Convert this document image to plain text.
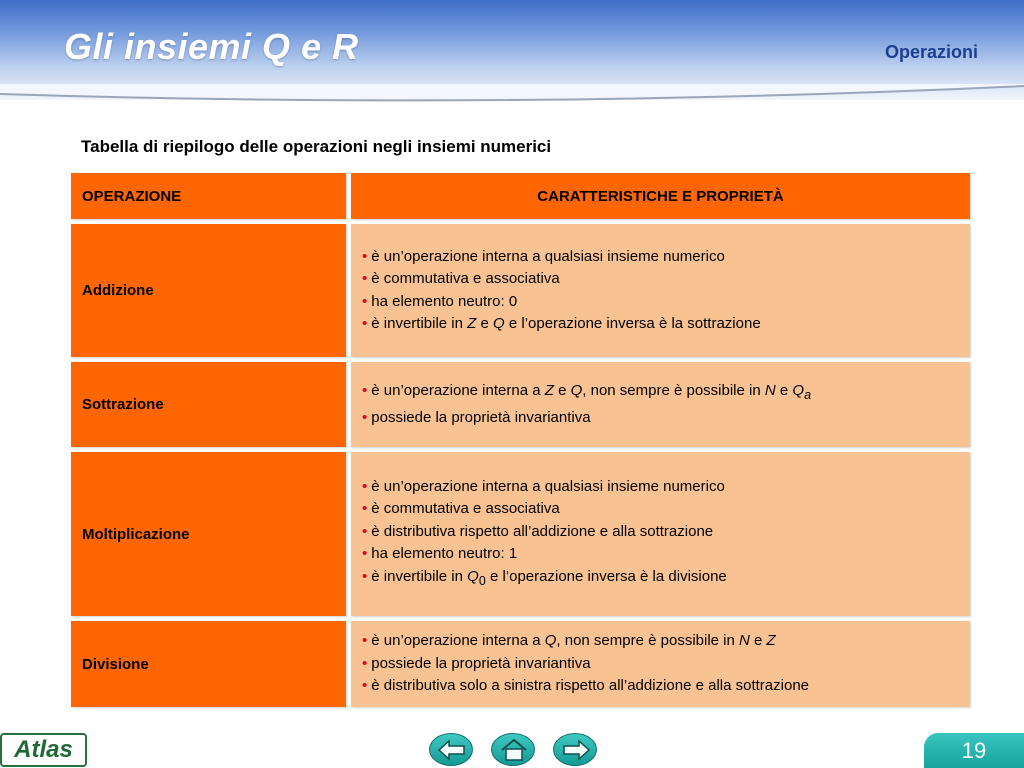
Gli insiemi Q e R	Operazioni
Tabella di riepilogo delle operazioni negli insiemi numerici
OPERAZIONE	CARATTERISTICHE E PROPRIETÀ
Addizione	• è un’operazione interna a qualsiasi insieme numerico
• è commutativa e associativa
• ha elemento neutro: 0
• è invertibile in Z e Q e l’operazione inversa è la sottrazione

Sottrazione	• è un’operazione interna a Z e Q, non sempre è possibile in N e $Q_a$
• possiede la proprietà invariantiva

Moltiplicazione	• è un’operazione interna a qualsiasi insieme numerico
• è commutativa e associativa
• è distributiva rispetto all’addizione e alla sottrazione
• ha elemento neutro: 1
• è invertibile in $Q_0$ e l’operazione inversa è la divisione

Divisione	• è un’operazione interna a Q, non sempre è possibile in N e Z
• possiede la proprietà invariantiva
• è distributiva solo a sinistra rispetto all’addizione e alla sottrazione
Atlas	19
